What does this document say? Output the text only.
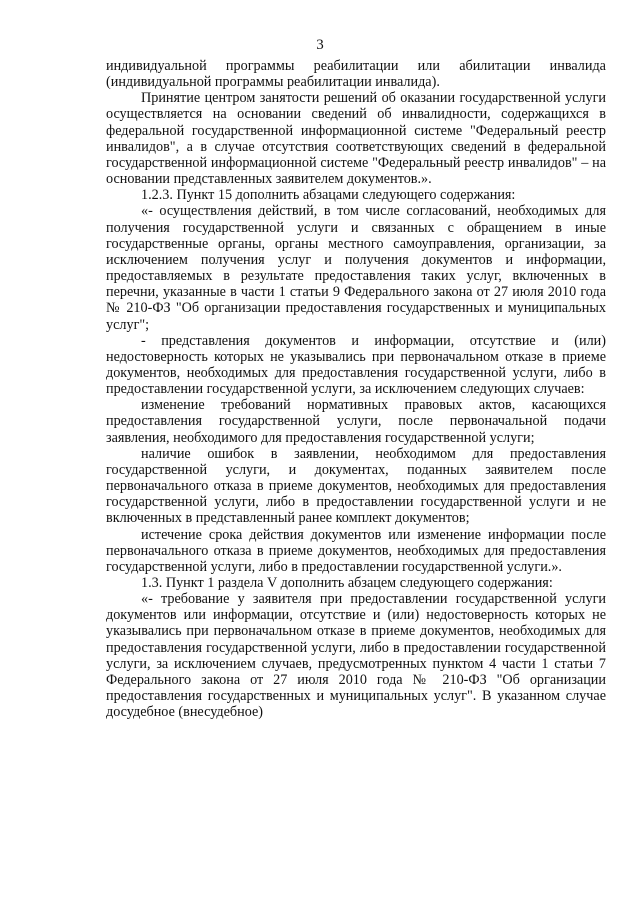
3

индивидуальной программы реабилитации или абилитации инвалида (индивидуальной программы реабилитации инвалида).

Принятие центром занятости решений об оказании государственной услуги осуществляется на основании сведений об инвалидности, содержащихся в федеральной государственной информационной системе "Федеральный реестр инвалидов", а в случае отсутствия соответствующих сведений в федеральной государственной информационной системе "Федеральный реестр инвалидов" – на основании представленных заявителем документов.».

1.2.3. Пункт 15 дополнить абзацами следующего содержания:

«- осуществления действий, в том числе согласований, необходимых для получения государственной услуги и связанных с обращением в иные государственные органы, органы местного самоуправления, организации, за исключением получения услуг и получения документов и информации, предоставляемых в результате предоставления таких услуг, включенных в перечни, указанные в части 1 статьи 9 Федерального закона от 27 июля 2010 года № 210-ФЗ "Об организации предоставления государственных и муниципальных услуг";

- представления документов и информации, отсутствие и (или) недостоверность которых не указывались при первоначальном отказе в приеме документов, необходимых для предоставления государственной услуги, либо в предоставлении государственной услуги, за исключением следующих случаев:

изменение требований нормативных правовых актов, касающихся предоставления государственной услуги, после первоначальной подачи заявления, необходимого для предоставления государственной услуги;

наличие ошибок в заявлении, необходимом для предоставления государственной услуги, и документах, поданных заявителем после первоначального отказа в приеме документов, необходимых для предоставления государственной услуги, либо в предоставлении государственной услуги и не включенных в представленный ранее комплект документов;

истечение срока действия документов или изменение информации после первоначального отказа в приеме документов, необходимых для предоставления государственной услуги, либо в предоставлении государственной услуги.».

1.3. Пункт 1 раздела V дополнить абзацем следующего содержания:

«- требование у заявителя при предоставлении государственной услуги документов или информации, отсутствие и (или) недостоверность которых не указывались при первоначальном отказе в приеме документов, необходимых для предоставления государственной услуги, либо в предоставлении государственной услуги, за исключением случаев, предусмотренных пунктом 4 части 1 статьи 7 Федерального закона от 27 июля 2010 года № 210-ФЗ "Об организации предоставления государственных и муниципальных услуг". В указанном случае досудебное (внесудебное)
